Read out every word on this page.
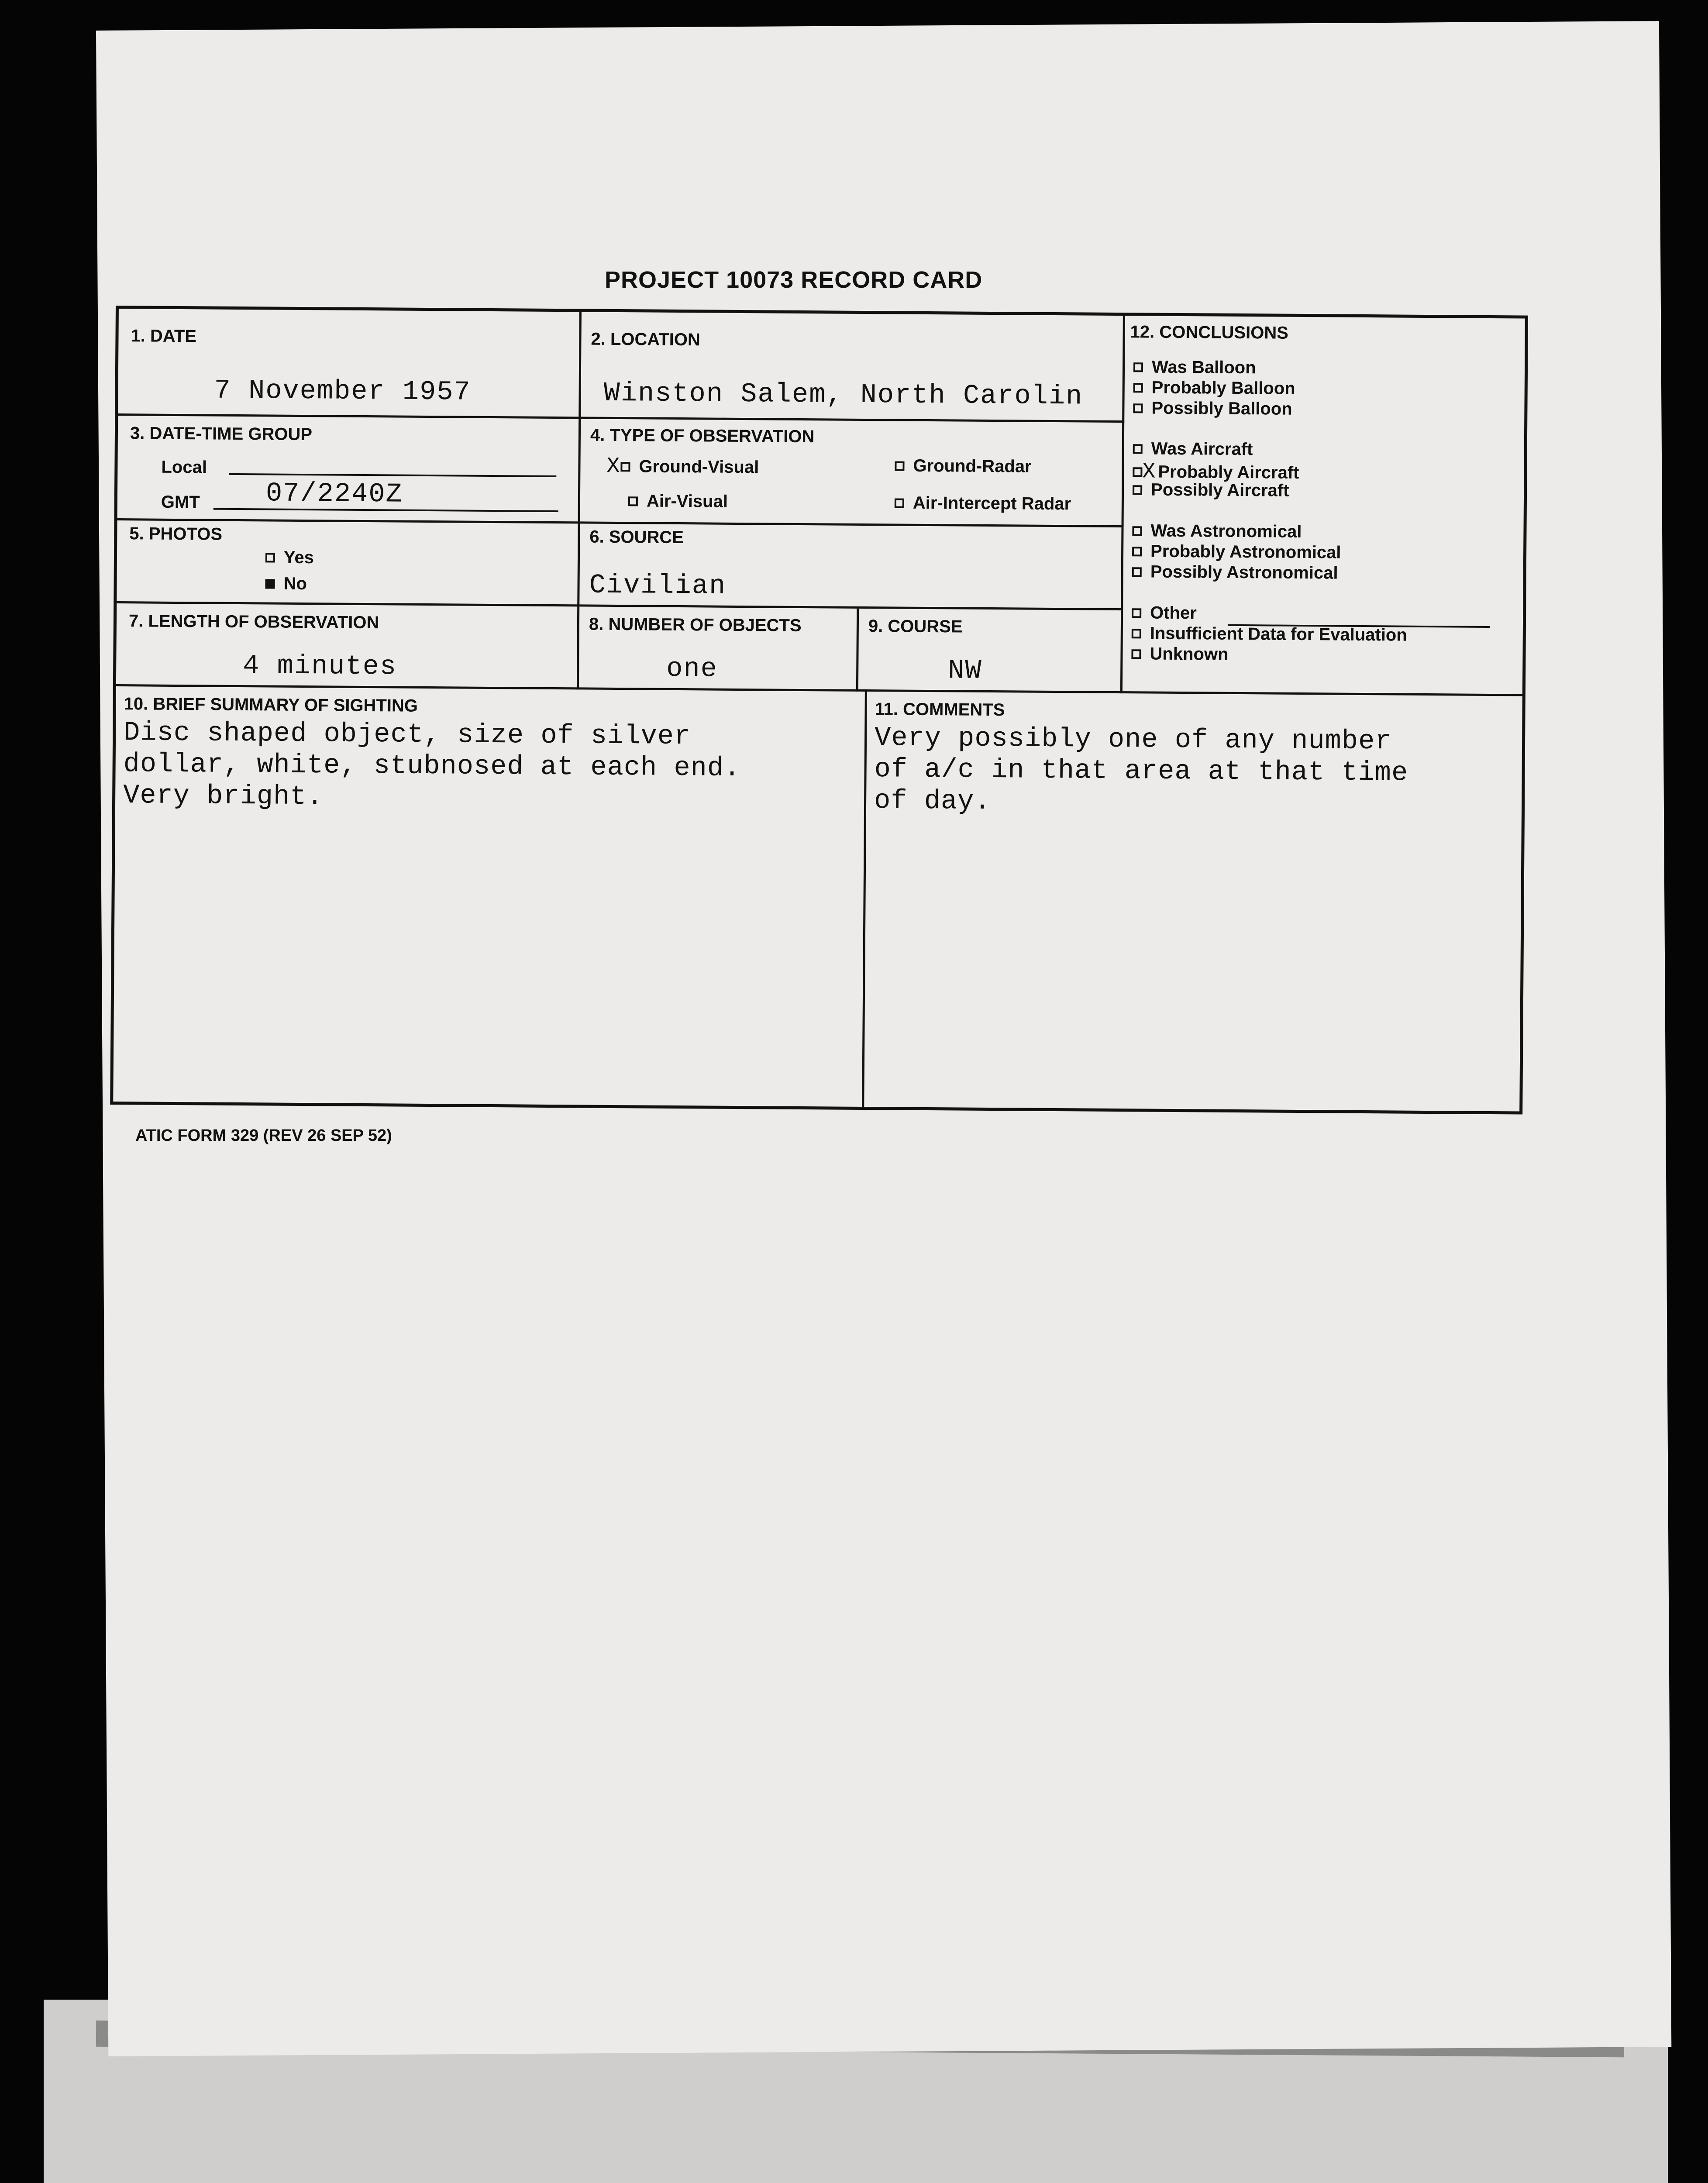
PROJECT 10073 RECORD CARD
1. DATE
7 November 1957
2. LOCATION
Winston Salem, North Carolin
3. DATE-TIME GROUP
Local
GMT 07/2240Z
4. TYPE OF OBSERVATION
X Ground-Visual	Ground-Radar
Air-Visual	Air-Intercept Radar
5. PHOTOS
Yes
No
6. SOURCE
Civilian
7. LENGTH OF OBSERVATION
4 minutes
8. NUMBER OF OBJECTS
one
9. COURSE
NW
12. CONCLUSIONS
Was Balloon
Probably Balloon
Possibly Balloon
Was Aircraft
X Probably Aircraft
Possibly Aircraft
Was Astronomical
Probably Astronomical
Possibly Astronomical
Other
Insufficient Data for Evaluation
Unknown
10. BRIEF SUMMARY OF SIGHTING
Disc shaped object, size of silver
dollar, white, stubnosed at each end.
Very bright.
11. COMMENTS
Very possibly one of any number
of a/c in that area at that time
of day.
ATIC FORM 329 (REV 26 SEP 52)
